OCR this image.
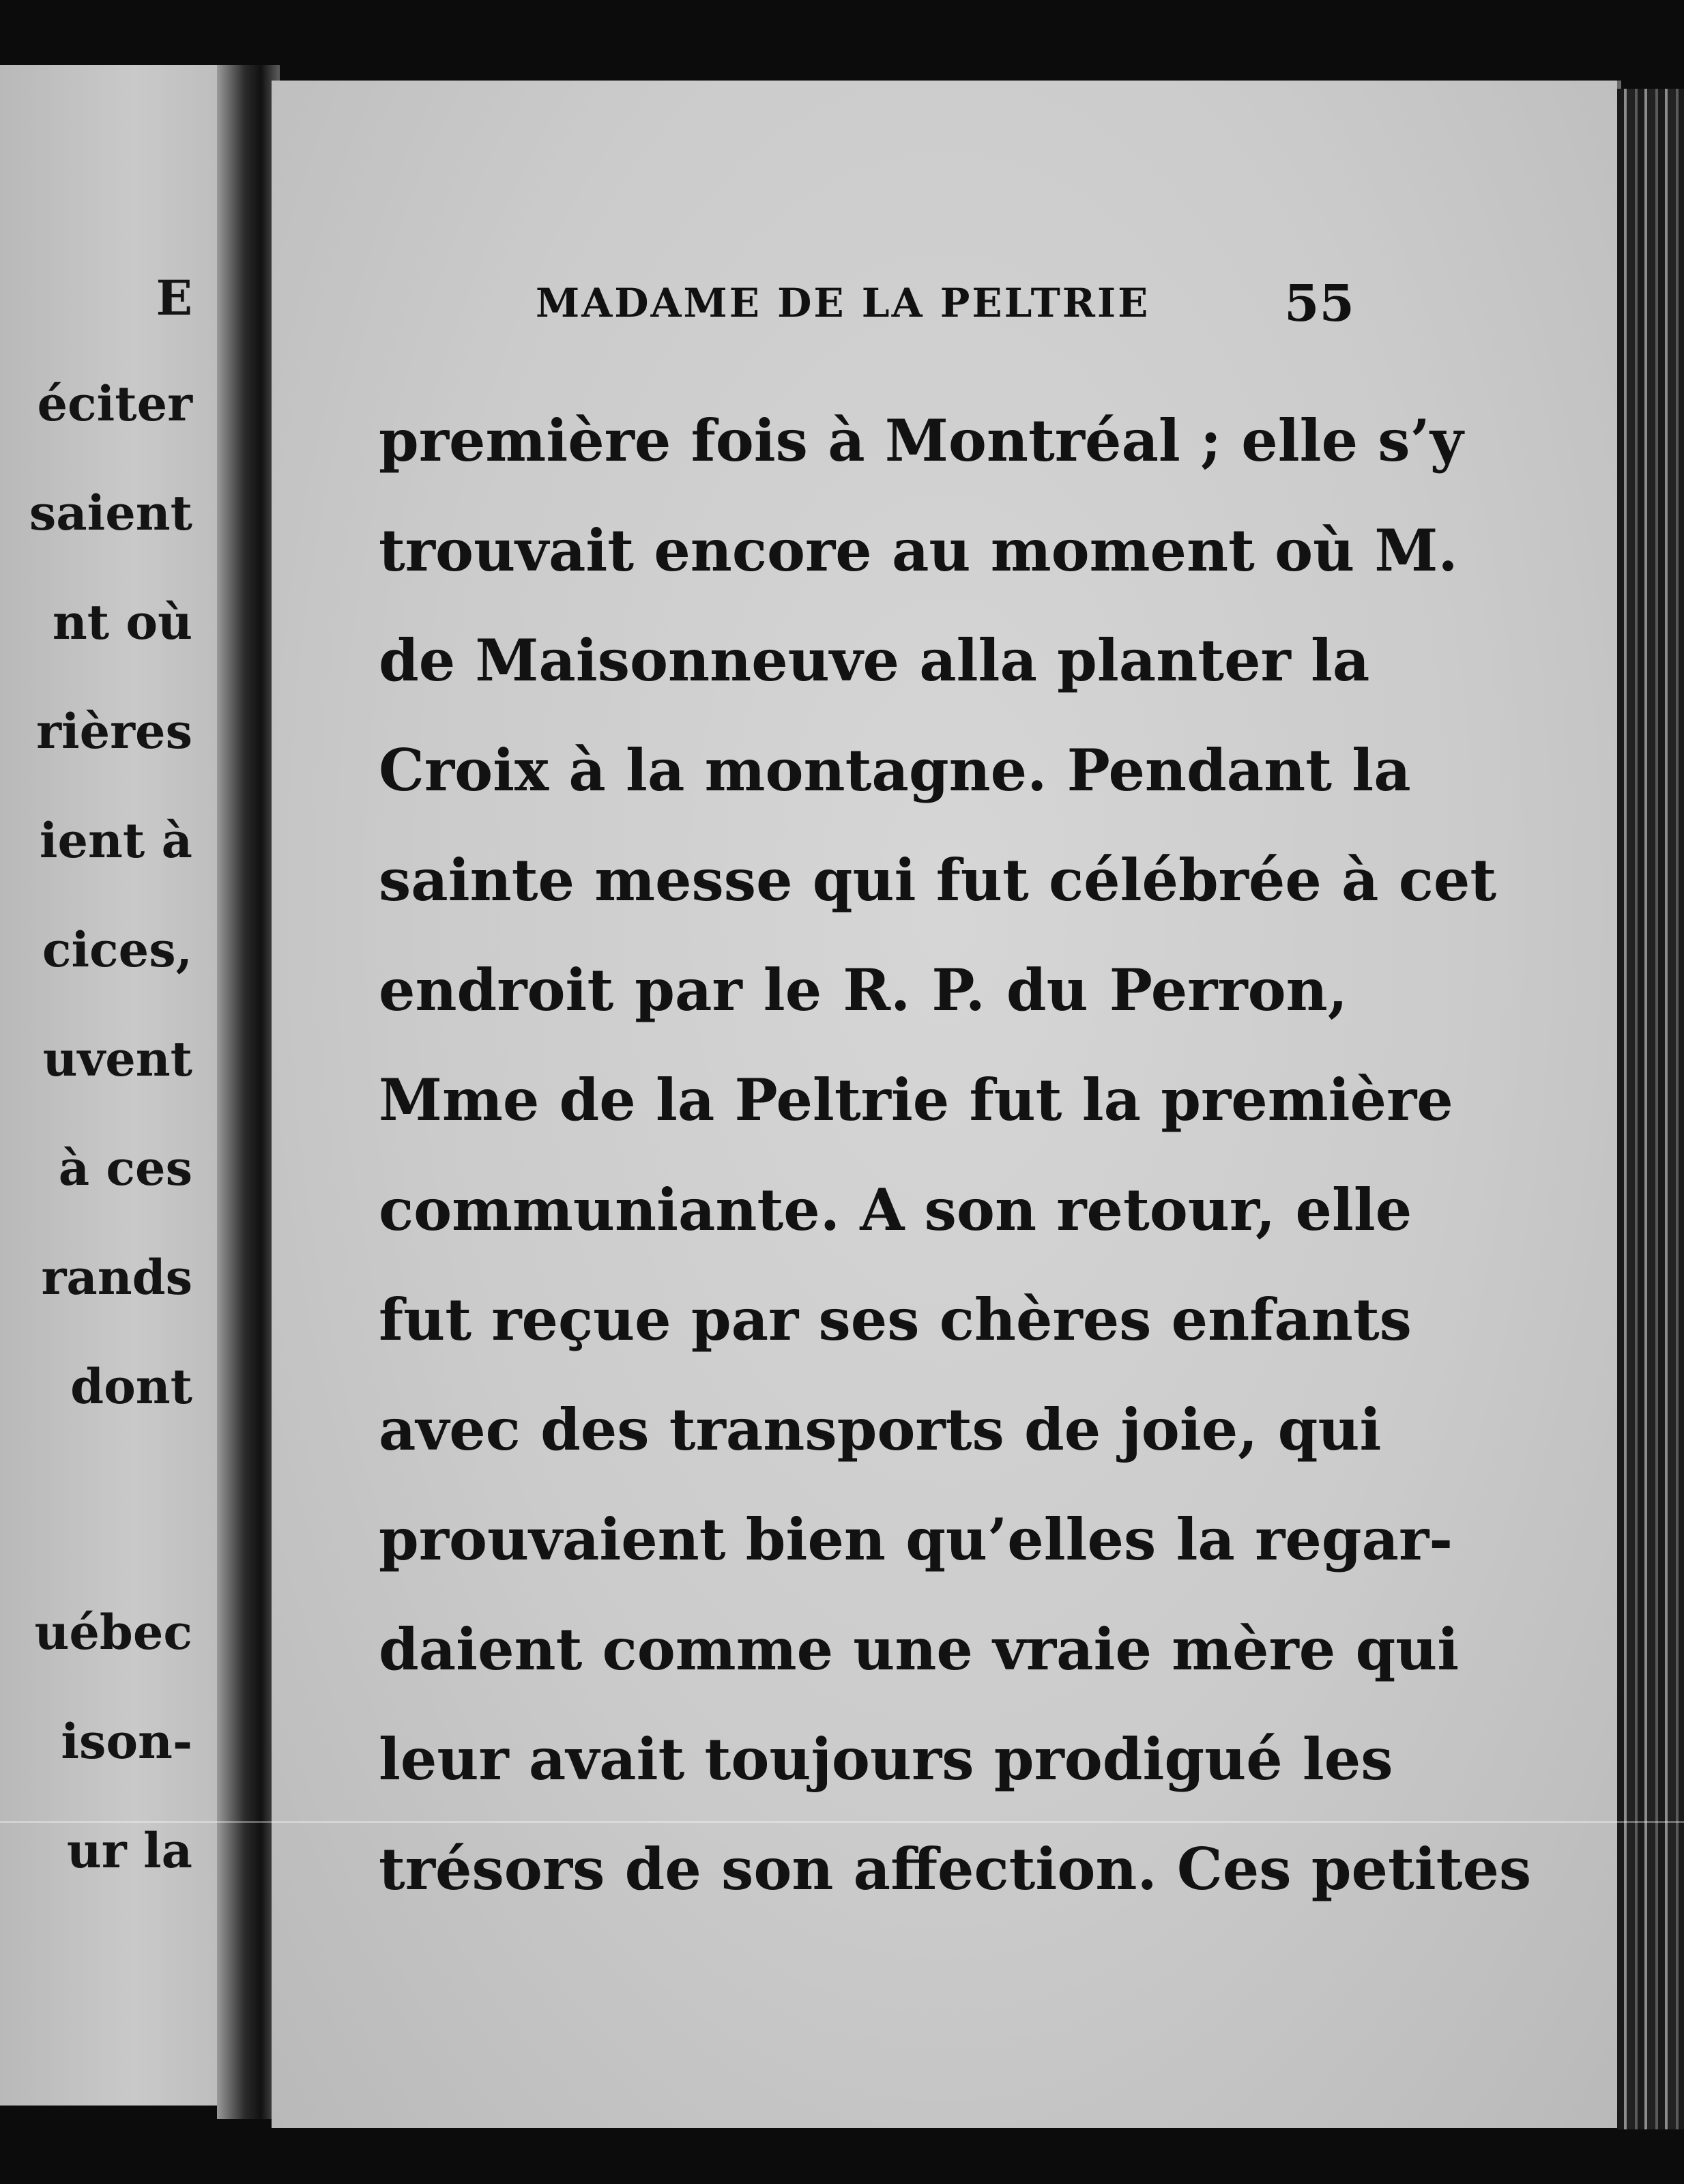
E
éciter
saient
nt où
rières
ient à
cices,
uvent
à ces
rands
dont
uébec
ison-
ur la
MADAME DE LA PELTRIE	55
première fois à Montréal ; elle s’y
trouvait encore au moment où M.
de Maisonneuve alla planter la
Croix à la montagne. Pendant la
sainte messe qui fut célébrée à cet
endroit par le R. P. du Perron,
Mme de la Peltrie fut la première
communiante. A son retour, elle
fut reçue par ses chères enfants
avec des transports de joie, qui
prouvaient bien qu’elles la regar-
daient comme une vraie mère qui
leur avait toujours prodigué les
trésors de son affection. Ces petites
